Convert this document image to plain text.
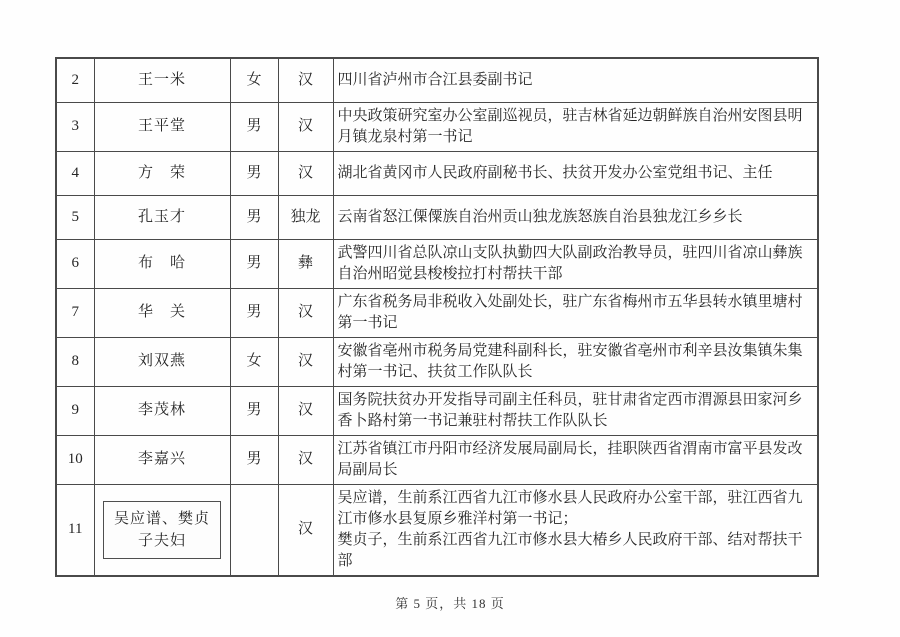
2	王一米	女	汉	四川省泸州市合江县委副书记

3	王平堂	男	汉	中央政策研究室办公室副巡视员，驻吉林省延边朝鲜族自治州安图县明月镇龙泉村第一书记

4	方　荣	男	汉	湖北省黄冈市人民政府副秘书长、扶贫开发办公室党组书记、主任

5	孔玉才	男	独龙	云南省怒江傈僳族自治州贡山独龙族怒族自治县独龙江乡乡长

6	布　哈	男	彝	武警四川省总队凉山支队执勤四大队副政治教导员，驻四川省凉山彝族自治州昭觉县梭梭拉打村帮扶干部

7	华　关	男	汉	广东省税务局非税收入处副处长，驻广东省梅州市五华县转水镇里塘村第一书记

8	刘双燕	女	汉	安徽省亳州市税务局党建科副科长，驻安徽省亳州市利辛县汝集镇朱集村第一书记、扶贫工作队队长

9	李茂林	男	汉	国务院扶贫办开发指导司副主任科员，驻甘肃省定西市渭源县田家河乡香卜路村第一书记兼驻村帮扶工作队队长

10	李嘉兴	男	汉	江苏省镇江市丹阳市经济发展局副局长，挂职陕西省渭南市富平县发改局副局长

11	吴应谱、樊贞子夫妇		汉	吴应谱，生前系江西省九江市修水县人民政府办公室干部，驻江西省九江市修水县复原乡雅洋村第一书记；
樊贞子，生前系江西省九江市修水县大椿乡人民政府干部、结对帮扶干部
第 5 页，共 18 页
